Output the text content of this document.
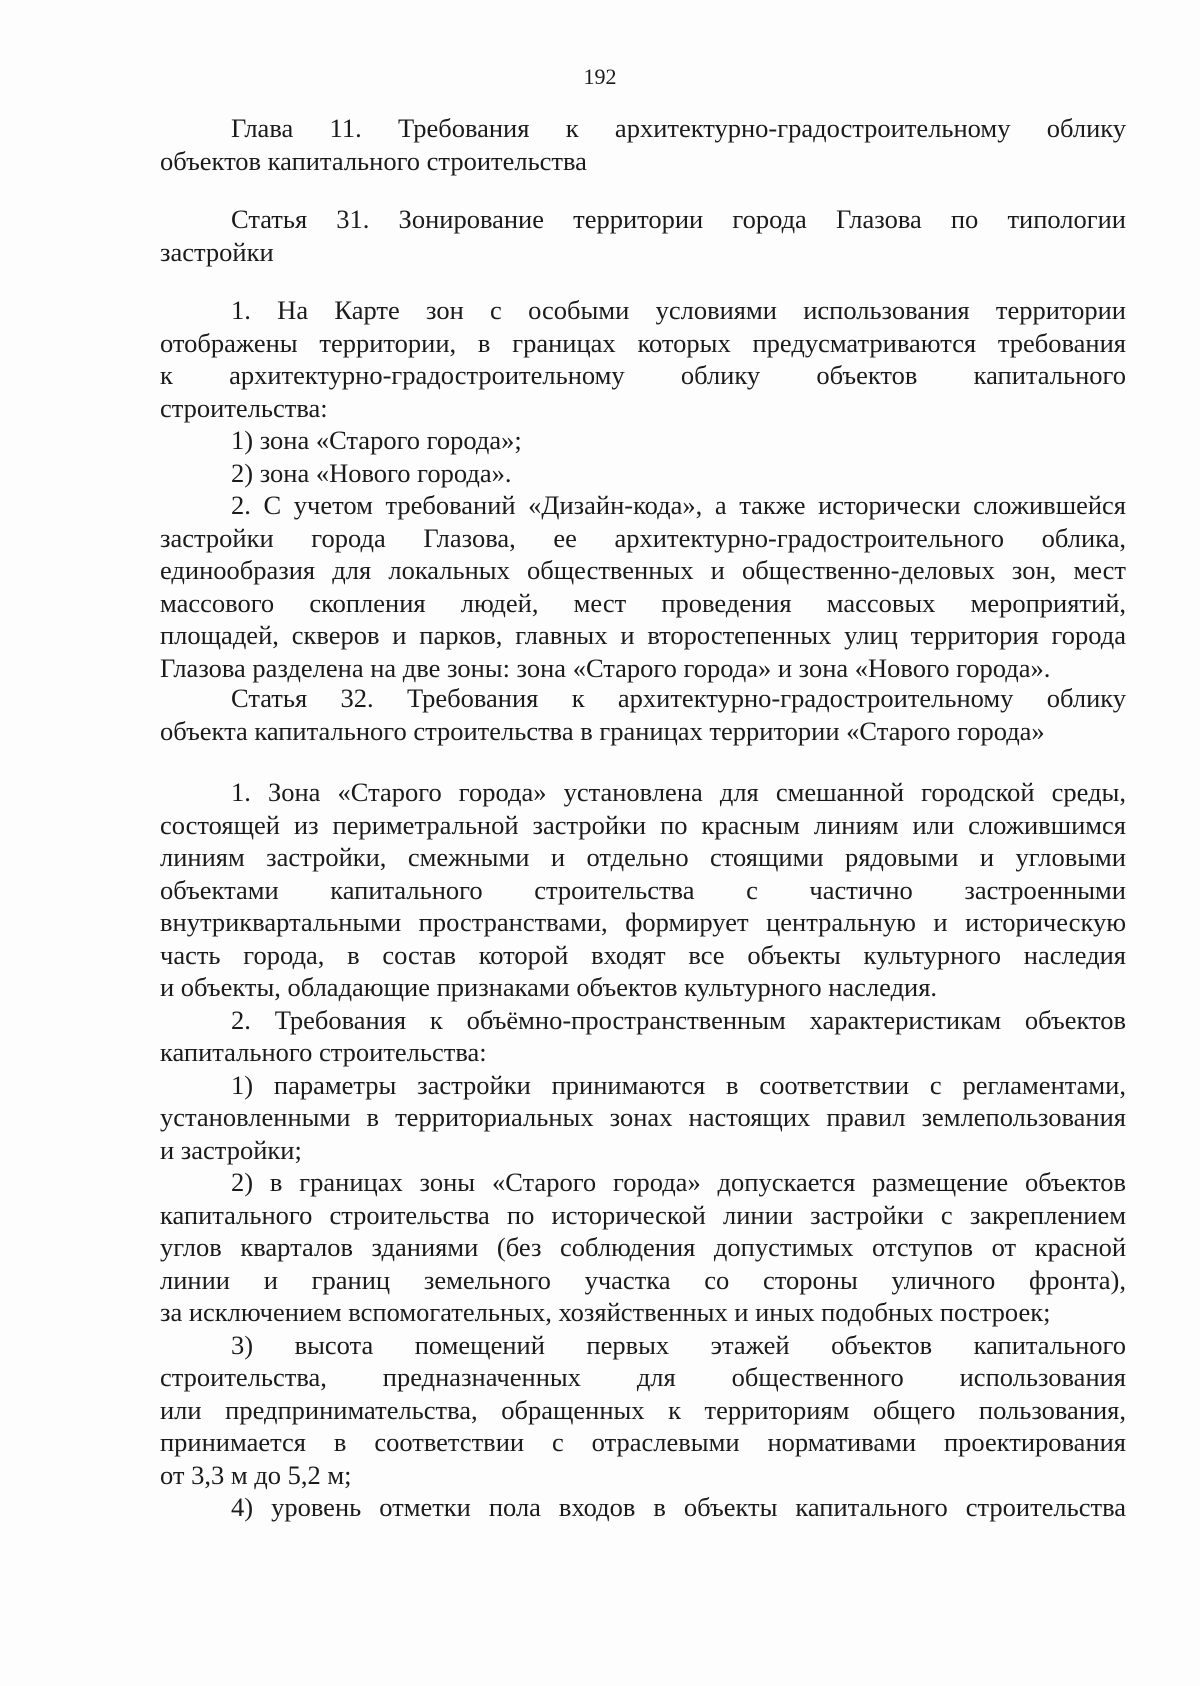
192
Глава 11. Требования к архитектурно-градостроительному облику
объектов капитального строительства
Статья 31. Зонирование территории города Глазова по типологии
застройки
1. На Карте зон с особыми условиями использования территории
отображены территории, в границах которых предусматриваются требования
к архитектурно-градостроительному облику объектов капитального
строительства:
1) зона «Старого города»;
2) зона «Нового города».
2. С учетом требований «Дизайн-кода», а также исторически сложившейся
застройки города Глазова, ее архитектурно-градостроительного облика,
единообразия для локальных общественных и общественно-деловых зон, мест
массового скопления людей, мест проведения массовых мероприятий,
площадей, скверов и парков, главных и второстепенных улиц территория города
Глазова разделена на две зоны: зона «Старого города» и зона «Нового города».
Статья 32. Требования к архитектурно-градостроительному облику
объекта капитального строительства в границах территории «Старого города»
1. Зона «Старого города» установлена для смешанной городской среды,
состоящей из периметральной застройки по красным линиям или сложившимся
линиям застройки, смежными и отдельно стоящими рядовыми и угловыми
объектами капитального строительства с частично застроенными
внутриквартальными пространствами, формирует центральную и историческую
часть города, в состав которой входят все объекты культурного наследия
и объекты, обладающие признаками объектов культурного наследия.
2. Требования к объёмно-пространственным характеристикам объектов
капитального строительства:
1) параметры застройки принимаются в соответствии с регламентами,
установленными в территориальных зонах настоящих правил землепользования
и застройки;
2) в границах зоны «Старого города» допускается размещение объектов
капитального строительства по исторической линии застройки с закреплением
углов кварталов зданиями (без соблюдения допустимых отступов от красной
линии и границ земельного участка со стороны уличного фронта),
за исключением вспомогательных, хозяйственных и иных подобных построек;
3) высота помещений первых этажей объектов капитального
строительства, предназначенных для общественного использования
или предпринимательства, обращенных к территориям общего пользования,
принимается в соответствии с отраслевыми нормативами проектирования
от 3,3 м до 5,2 м;
4) уровень отметки пола входов в объекты капитального строительства
